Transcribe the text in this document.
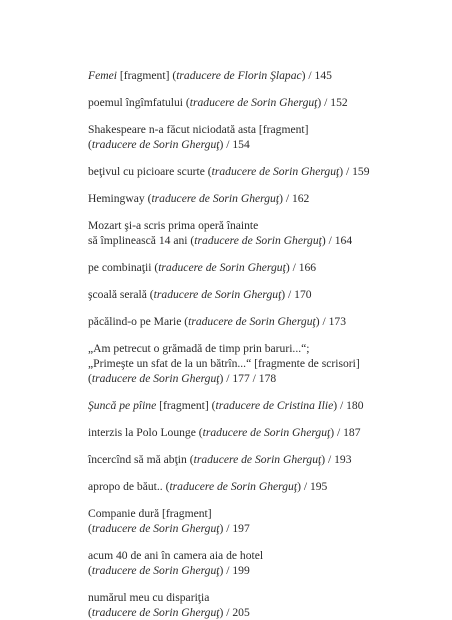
Femei [fragment] (traducere de Florin Şlapac) / 145
poemul îngîmfatului (traducere de Sorin Gherguţ) / 152
Shakespeare n-a făcut niciodată asta [fragment]
(traducere de Sorin Gherguţ) / 154
beţivul cu picioare scurte (traducere de Sorin Gherguţ) / 159
Hemingway (traducere de Sorin Gherguţ) / 162
Mozart şi-a scris prima operă înainte
să împlinească 14 ani (traducere de Sorin Gherguţ) / 164
pe combinaţii (traducere de Sorin Gherguţ) / 166
şcoală serală (traducere de Sorin Gherguţ) / 170
păcălind-o pe Marie (traducere de Sorin Gherguţ) / 173
„Am petrecut o grămadă de timp prin baruri...“;
„Primeşte un sfat de la un bătrîn...“ [fragmente de scrisori]
(traducere de Sorin Gherguţ) / 177 / 178
Şuncă pe pîine [fragment] (traducere de Cristina Ilie) / 180
interzis la Polo Lounge (traducere de Sorin Gherguţ) / 187
încercînd să mă abţin (traducere de Sorin Gherguţ) / 193
apropo de băut.. (traducere de Sorin Gherguţ) / 195
Companie dură [fragment]
(traducere de Sorin Gherguţ) / 197
acum 40 de ani în camera aia de hotel
(traducere de Sorin Gherguţ) / 199
numărul meu cu dispariţia
(traducere de Sorin Gherguţ) / 205
